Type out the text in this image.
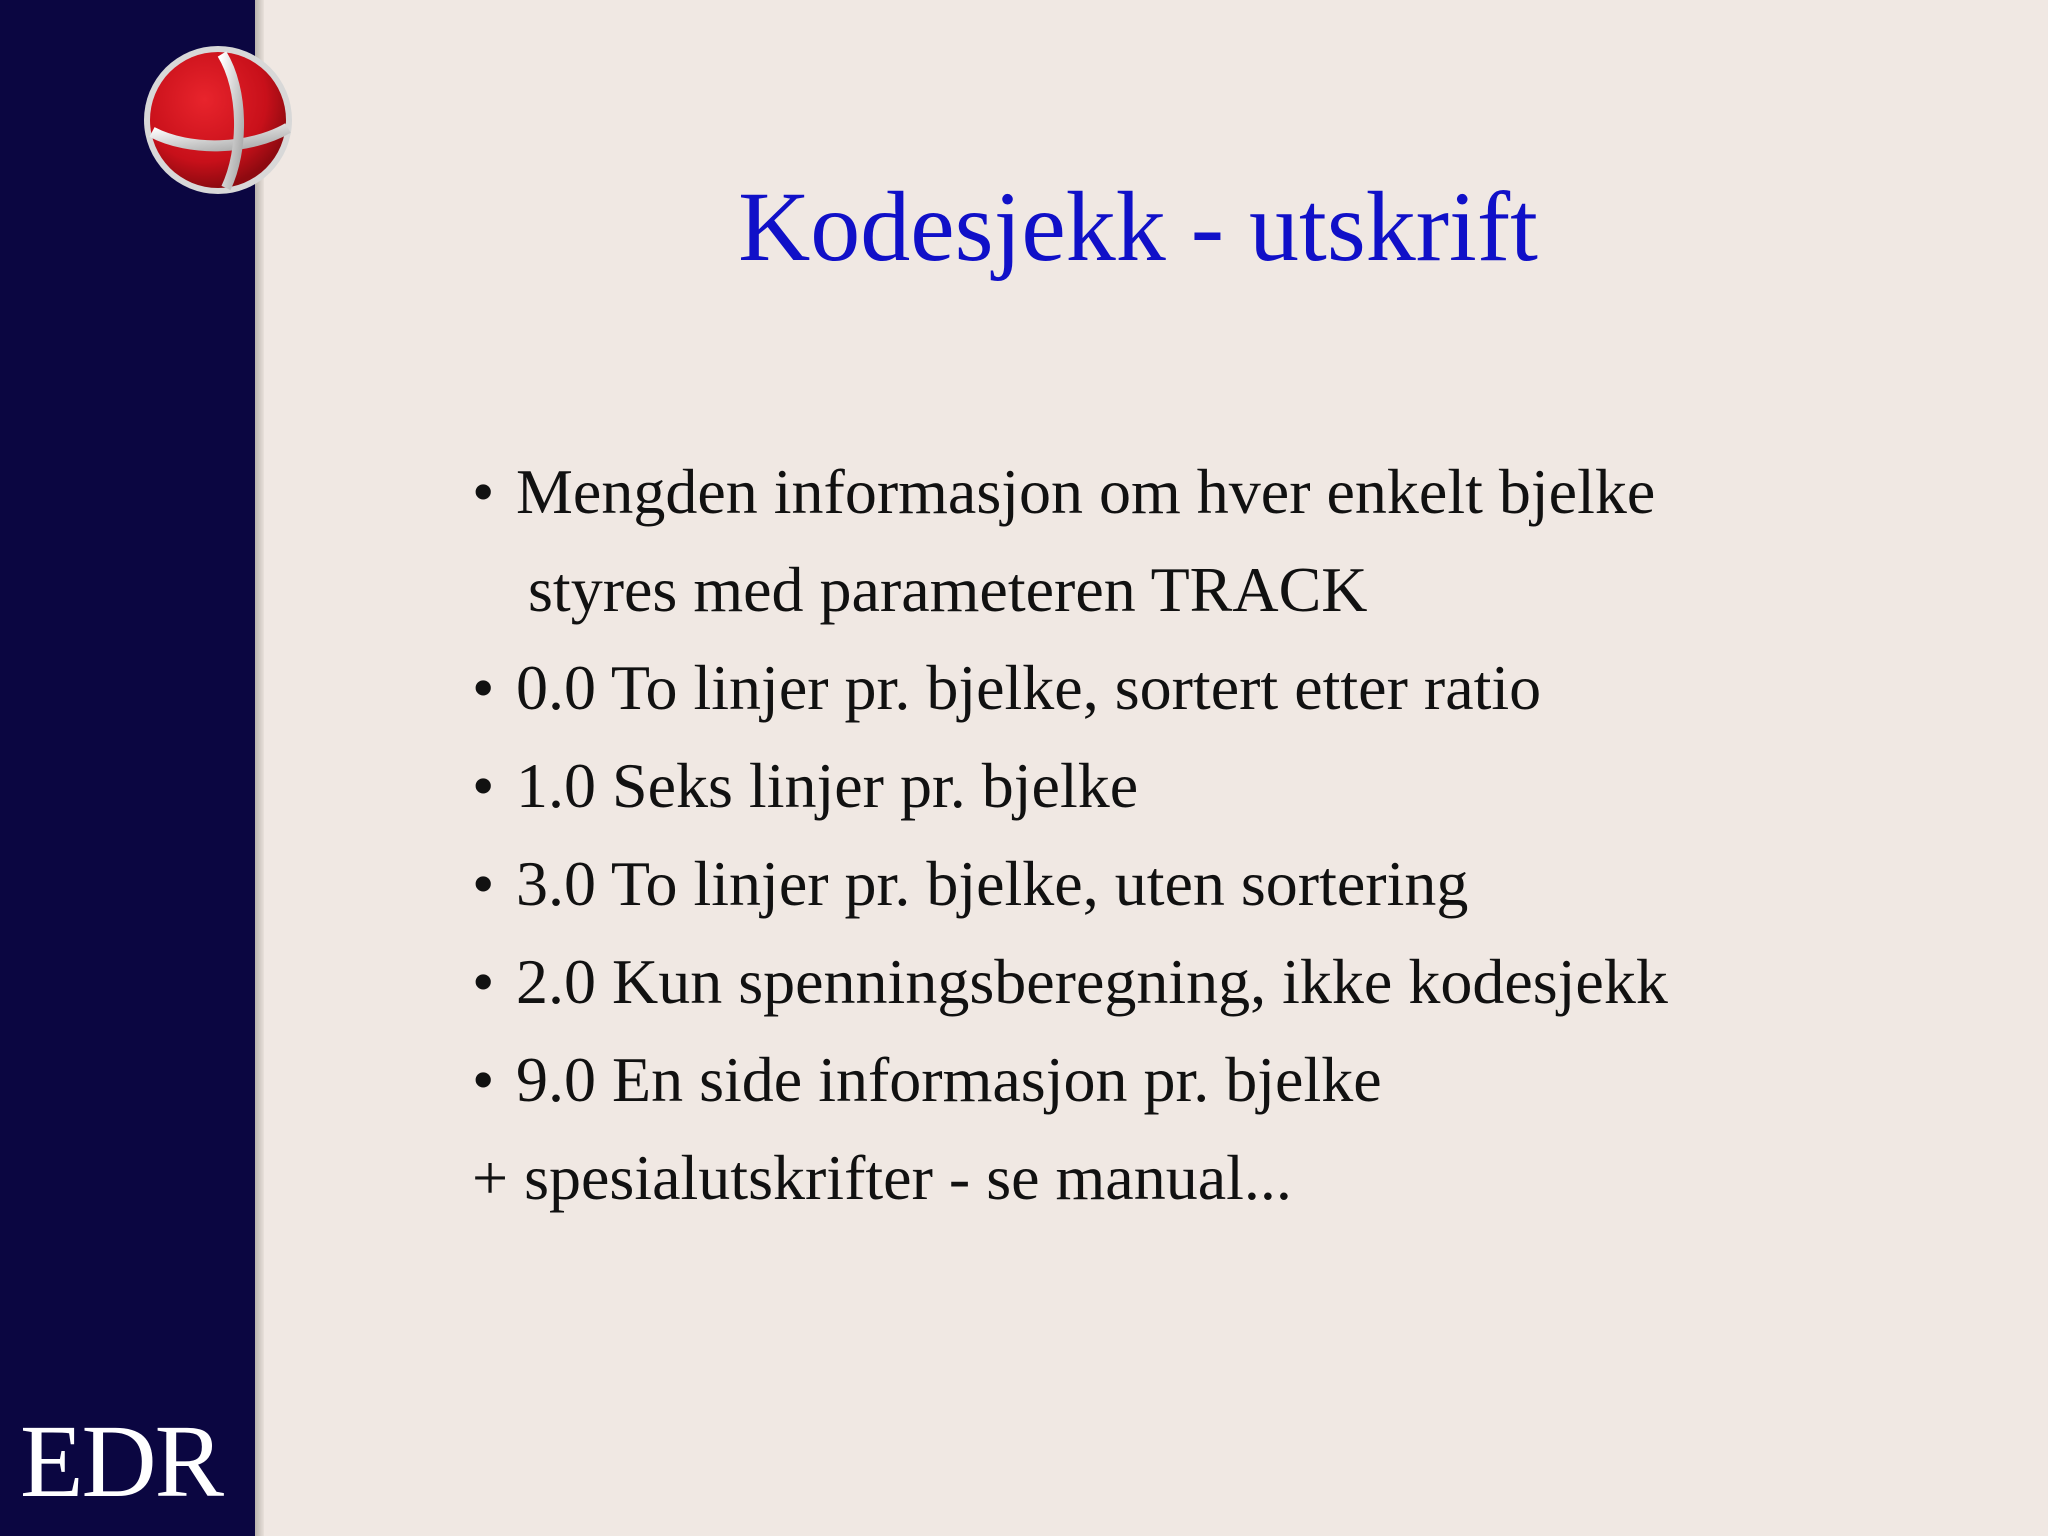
EDR
Kodesjekk - utskrift
• Mengden informasjon om hver enkelt bjelke
styres med parameteren TRACK
• 0.0 To linjer pr. bjelke, sortert etter ratio
• 1.0 Seks linjer pr. bjelke
• 3.0 To linjer pr. bjelke, uten sortering
• 2.0 Kun spenningsberegning, ikke kodesjekk
• 9.0 En side informasjon pr. bjelke
+ spesialutskrifter - se manual...
